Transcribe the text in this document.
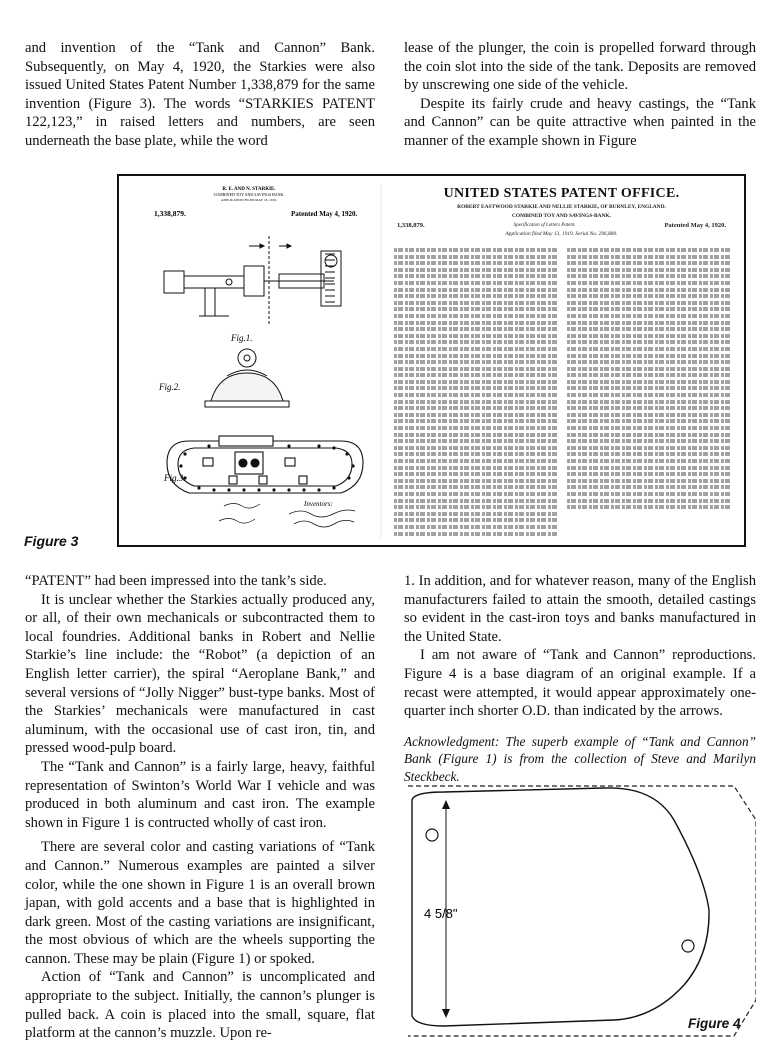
and invention of the “Tank and Cannon” Bank. Subsequently, on May 4, 1920, the Starkies were also issued United States Patent Number 1,338,879 for the same invention (Figure 3). The words “STARKIES PATENT 122,123,” in raised letters and numbers, are seen underneath the base plate, while the word

lease of the plunger, the coin is propelled forward through the coin slot into the side of the tank. Deposits are removed by unscrewing one side of the vehicle.

Despite its fairly crude and heavy castings, the “Tank and Cannon” can be quite attractive when painted in the manner of the example shown in Figure

R. E. AND N. STARKIE.
COMBINED TOY AND SAVINGS BANK.
APPLICATION FILED MAY 18, 1919.
1,338,879.	Patented May 4, 1920.
Fig.1.
Fig.2.
Fig.3.
Inventors:
UNITED STATES PATENT OFFICE.
ROBERT EASTWOOD STARKIE AND NELLIE STARKIE, OF BURNLEY, ENGLAND.
COMBINED TOY AND SAVINGS-BANK.
1,338,879.	Specification of Letters Patent.	Patented May 4, 1920.
Application filed May 13, 1919. Serial No. 296,880.
Figure 3

“PATENT” had been impressed into the tank’s side.

It is unclear whether the Starkies actually produced any, or all, of their own mechanicals or subcontracted them to local foundries. Additional banks in Robert and Nellie Starkie’s line include: the “Robot” (a depiction of an English letter carrier), the spiral “Aeroplane Bank,” and several versions of “Jolly Nigger” bust-type banks. Most of the Starkies’ mechanicals were manufactured in cast aluminum, with the occasional use of cast iron, tin, and pressed wood-pulp board.

The “Tank and Cannon” is a fairly large, heavy, faithful representation of Swinton’s World War I vehicle and was produced in both aluminum and cast iron. The example shown in Figure 1 is contructed wholly of cast iron.

There are several color and casting variations of “Tank and Cannon.” Numerous examples are painted a silver color, while the one shown in Figure 1 is an overall brown japan, with gold accents and a base that is highlighted in dark green. Most of the casting variations are insignificant, the most obvious of which are the wheels supporting the cannon. These may be plain (Figure 1) or spoked.

Action of “Tank and Cannon” is uncomplicated and appropriate to the subject. Initially, the cannon’s plunger is pulled back. A coin is placed into the small, square, flat platform at the cannon’s muzzle. Upon re-

1. In addition, and for whatever reason, many of the English manufacturers failed to attain the smooth, detailed castings so evident in the cast-iron toys and banks manufactured in the United State.

I am not aware of “Tank and Cannon” reproductions. Figure 4 is a base diagram of an original example. If a recast were attempted, it would appear approximately one-quarter inch shorter O.D. than indicated by the arrows.

Acknowledgment: The superb example of “Tank and Cannon” Bank (Figure 1) is from the collection of Steve and Marilyn Steckbeck.

4 5/8"
Figure 4
